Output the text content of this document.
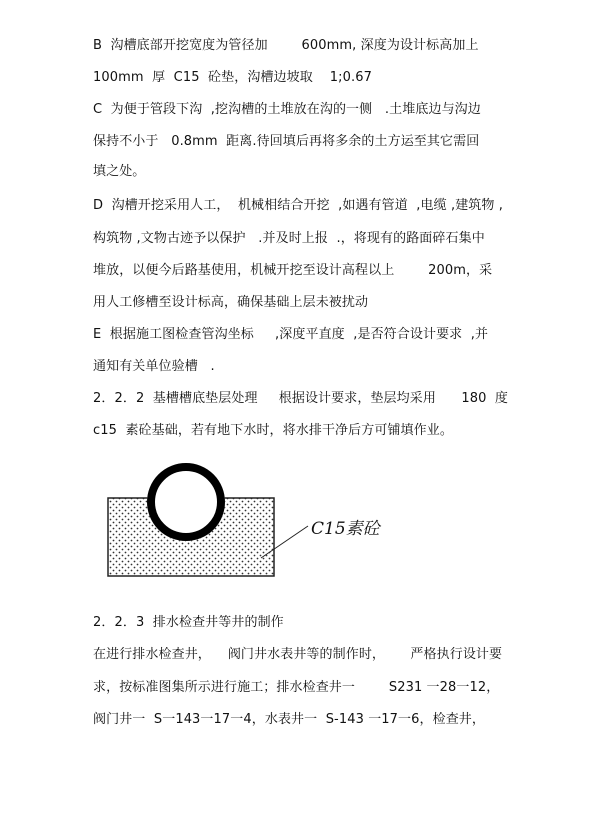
B  沟槽底部开挖宽度为管径加        600mm, 深度为设计标高加上
100mm  厚  C15  砼垫，沟槽边坡取    1;0.67
C  为便于管段下沟  ,挖沟槽的土堆放在沟的一侧   .土堆底边与沟边
保持不小于   0.8mm  距离.待回填后再将多余的土方运至其它需回
填之处。
D  沟槽开挖采用人工，  机械相结合开挖  ,如遇有管道  ,电缆 ,建筑物 ,
构筑物 ,文物古迹予以保护   .并及时上报  .，将现有的路面碎石集中
堆放，以便今后路基使用，机械开挖至设计高程以上        200m，采
用人工修槽至设计标高，确保基础上层未被扰动
E  根据施工图检查管沟坐标     ,深度平直度  ,是否符合设计要求  ,并
通知有关单位验槽   .
2．2．2  基槽槽底垫层处理     根据设计要求，垫层均采用      180  度
c15  素砼基础，若有地下水时，将水排干净后方可铺填作业。
C15素砼
2．2．3  排水检查井等井的制作
在进行排水检查井，    阀门井水表井等的制作时，      严格执行设计要
求，按标准图集所示进行施工；排水检查井一        S231 一28一12，
阀门井一  S一143一17一4，水表井一  S-143 一17一6，检查井，
